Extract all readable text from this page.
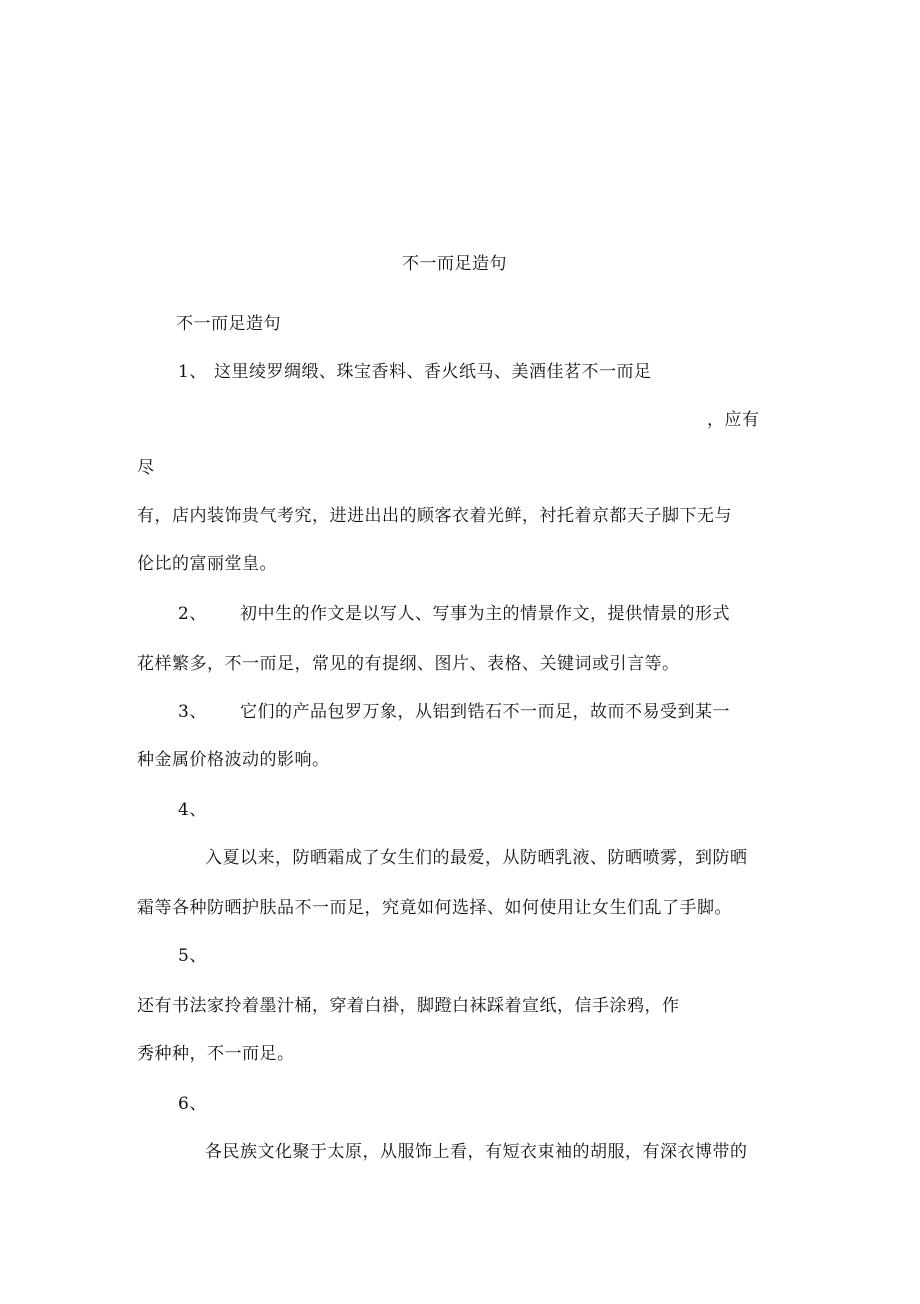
不一而足造句
不一而足造句
1、 这里绫罗绸缎、珠宝香料、香火纸马、美酒佳茗不一而足
，应有
尽
有，店内装饰贵气考究，进进出出的顾客衣着光鲜，衬托着京都天子脚下无与
伦比的富丽堂皇。
2、 初中生的作文是以写人、写事为主的情景作文，提供情景的形式
花样繁多，不一而足，常见的有提纲、图片、表格、关键词或引言等。
3、 它们的产品包罗万象，从铝到锆石不一而足，故而不易受到某一
种金属价格波动的影响。
4、
入夏以来，防晒霜成了女生们的最爱，从防晒乳液、防晒喷雾，到防晒
霜等各种防晒护肤品不一而足，究竟如何选择、如何使用让女生们乱了手脚。
5、
还有书法家拎着墨汁桶，穿着白褂，脚蹬白袜踩着宣纸，信手涂鸦，作
秀种种，不一而足。
6、
各民族文化聚于太原，从服饰上看，有短衣束袖的胡服，有深衣博带的
